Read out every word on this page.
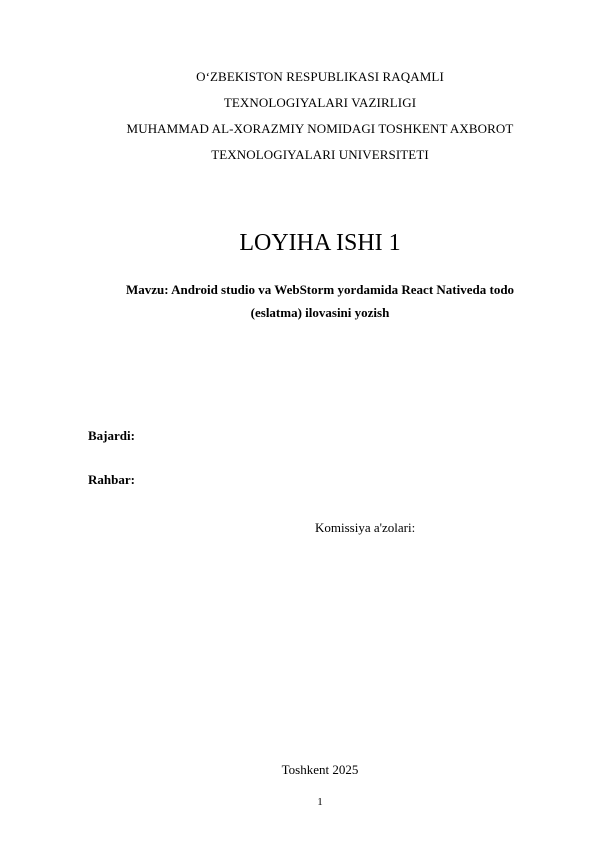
O‘ZBEKISTON RESPUBLIKASI RAQAMLI
TEXNOLOGIYALARI VAZIRLIGI
MUHAMMAD AL-XORAZMIY NOMIDAGI TOSHKENT AXBOROT
TEXNOLOGIYALARI UNIVERSITETI
LOYIHA ISHI 1
Mavzu: Android studio va WebStorm yordamida React Nativeda todo
(eslatma) ilovasini yozish
Bajardi:
Rahbar:
Komissiya a'zolari:
Toshkent 2025
1
